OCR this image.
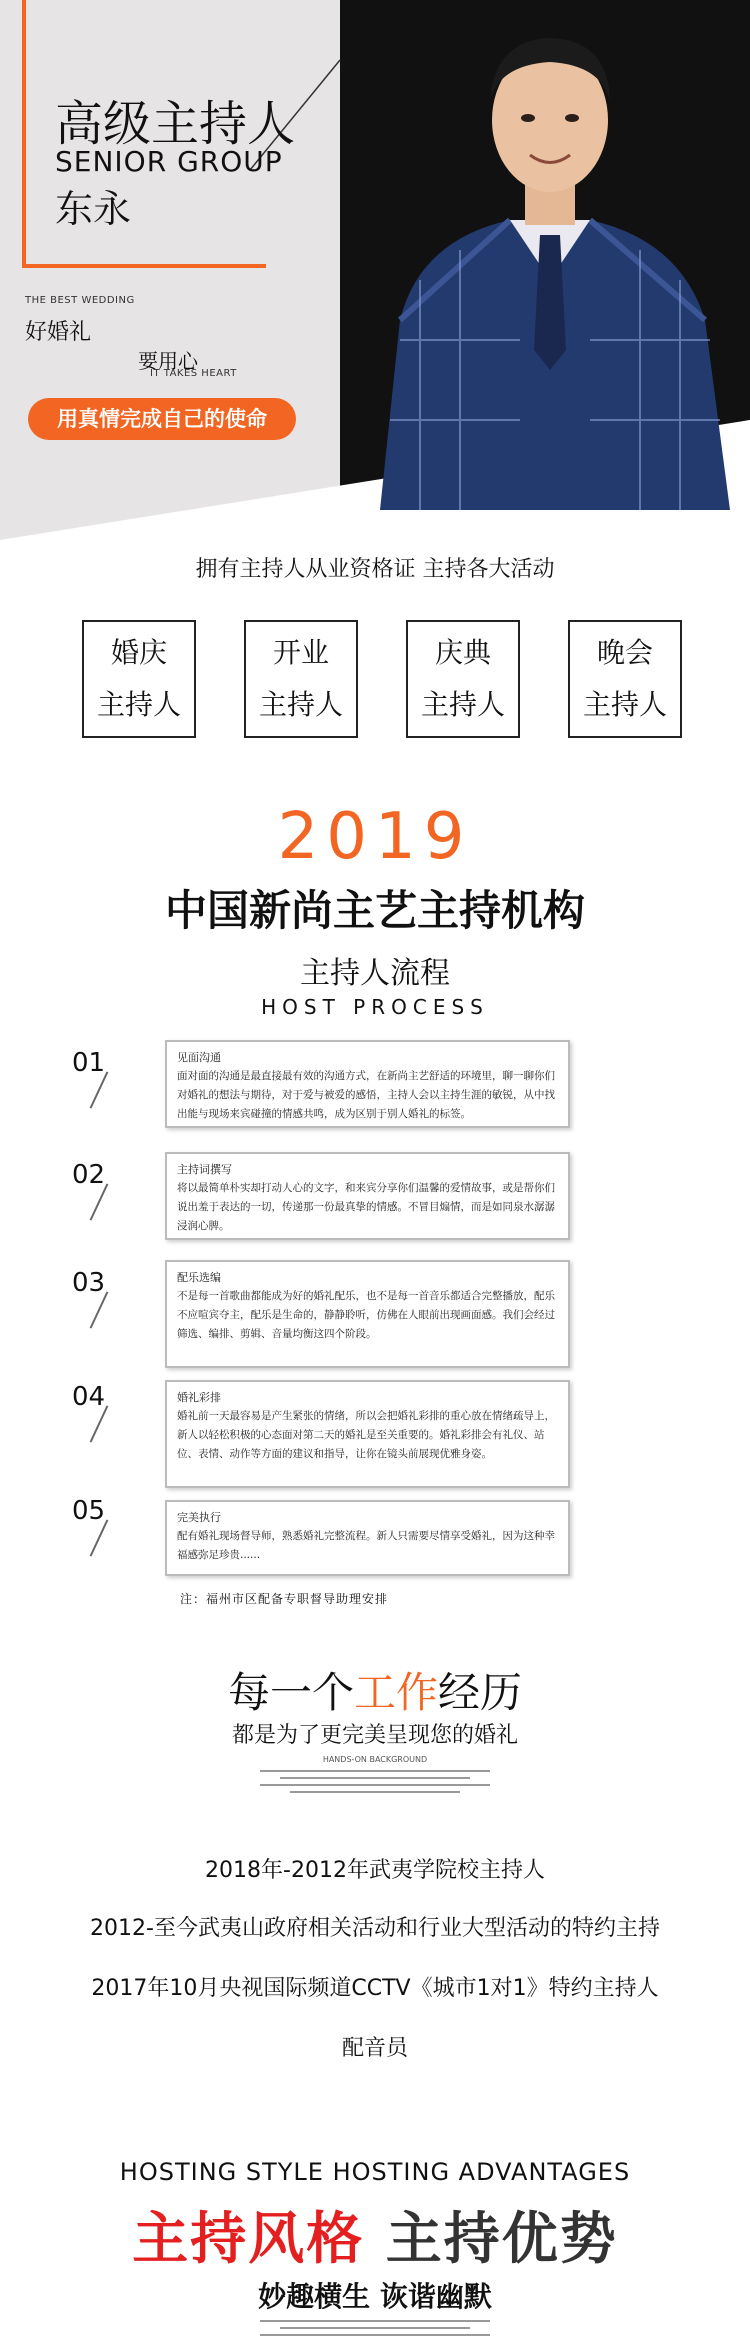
高级主持人
SENIOR GROUP
东永
THE BEST WEDDING
好婚礼
要用心
IT TAKES HEART
用真情完成自己的使命
拥有主持人从业资格证 主持各大活动
婚庆
主持人
开业
主持人
庆典
主持人
晚会
主持人
2019
中国新尚主艺主持机构
主持人流程
HOST PROCESS
01	见面沟通
面对面的沟通是最直接最有效的沟通方式，在新尚主艺舒适的环境里，聊一聊你们对婚礼的想法与期待，对于爱与被爱的感悟，主持人会以主持生涯的敏锐，从中找出能与现场来宾碰撞的情感共鸣，成为区别于别人婚礼的标签。
02	主持词撰写
将以最简单朴实却打动人心的文字，和来宾分享你们温馨的爱情故事，或是帮你们说出羞于表达的一切，传递那一份最真挚的情感。不冒目煽情，而是如同泉水潺潺浸润心脾。
03	配乐选编
不是每一首歌曲都能成为好的婚礼配乐，也不是每一首音乐都适合完整播放，配乐不应喧宾夺主，配乐是生命的，静静聆听，仿佛在人眼前出现画面感。我们会经过筛选、编排、剪辑、音量均衡这四个阶段。
04	婚礼彩排
婚礼前一天最容易是产生紧张的情绪，所以会把婚礼彩排的重心放在情绪疏导上，新人以轻松积极的心态面对第二天的婚礼是至关重要的。婚礼彩排会有礼仪、站位、表情、动作等方面的建议和指导，让你在镜头前展现优雅身姿。
05	完美执行
配有婚礼现场督导师，熟悉婚礼完整流程。新人只需要尽情享受婚礼，因为这种幸福感弥足珍贵......
注：福州市区配备专职督导助理安排
每一个工作经历
都是为了更完美呈现您的婚礼
HANDS-ON BACKGROUND
2018年-2012年武夷学院校主持人
2012-至今武夷山政府相关活动和行业大型活动的特约主持
2017年10月央视国际频道CCTV《城市1对1》特约主持人
配音员
HOSTING STYLE HOSTING ADVANTAGES
主持风格 主持优势
妙趣横生 诙谐幽默
